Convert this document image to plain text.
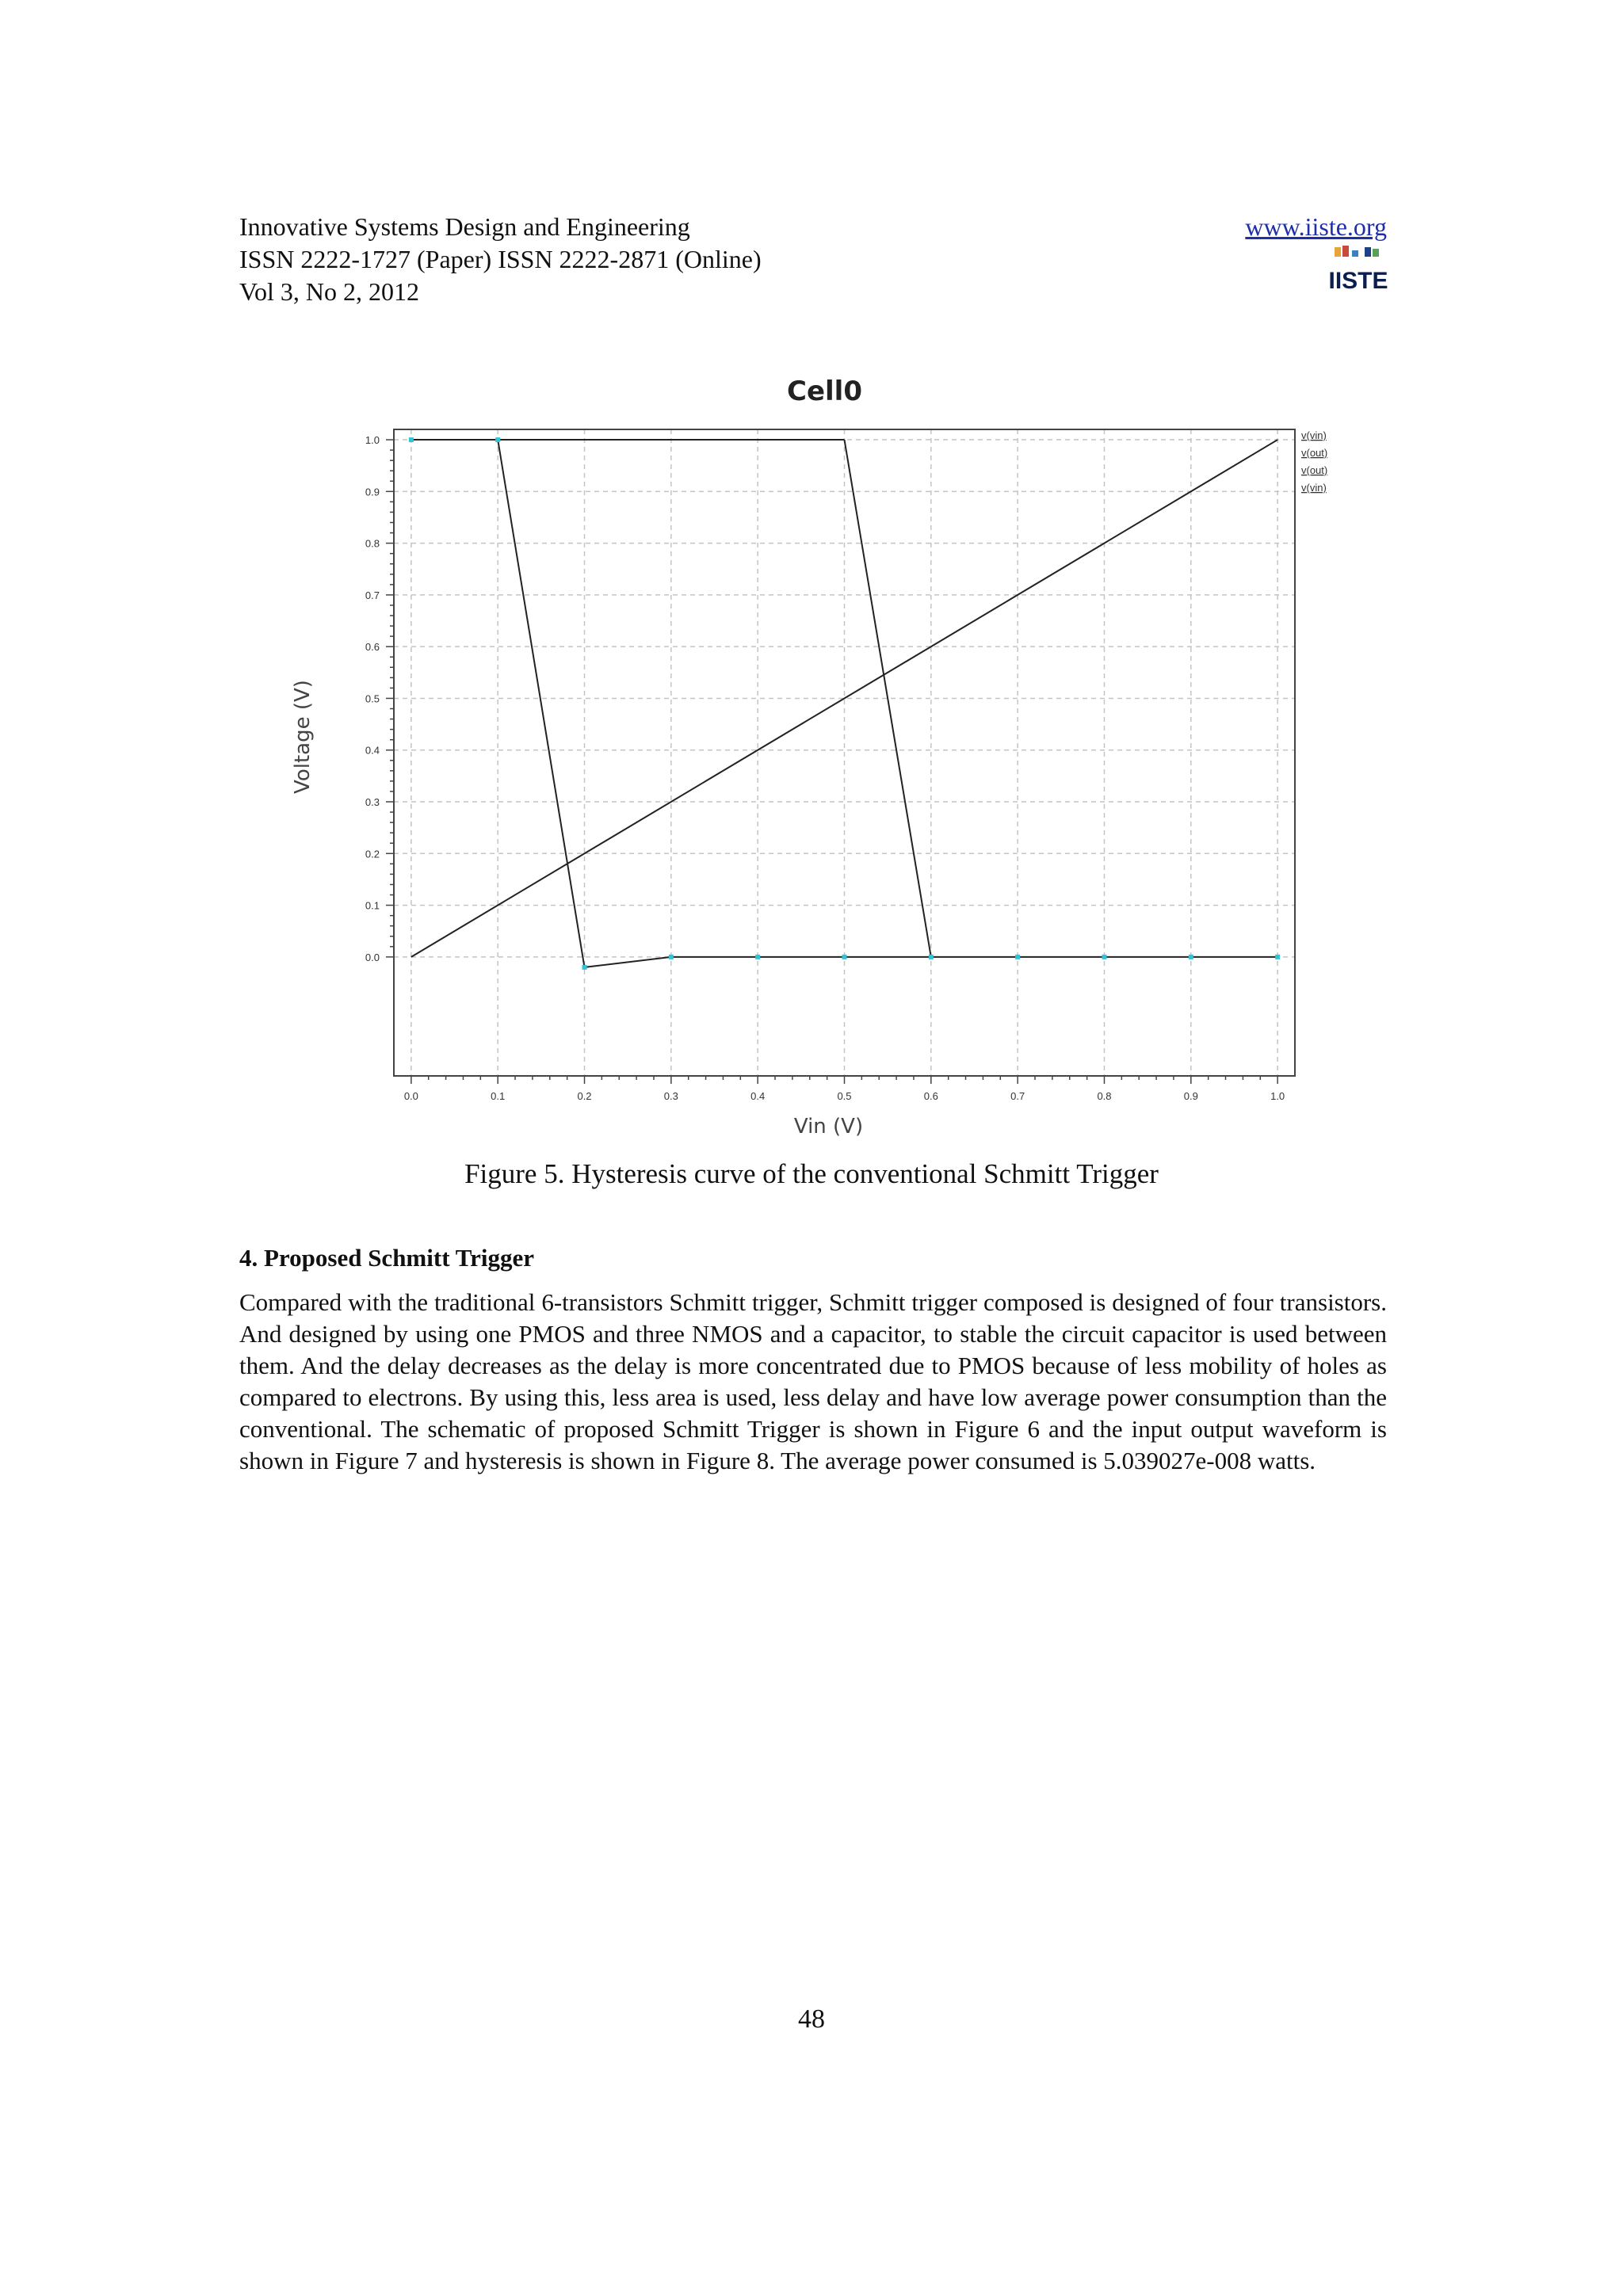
Innovative Systems Design and Engineering
ISSN 2222-1727 (Paper) ISSN 2222-2871 (Online)
Vol 3, No 2, 2012
www.iiste.org
IISTE
0.0	0.1	0.2	0.3	0.4	0.5	0.6	0.7	0.8	0.9	1.0
0.0
0.1
0.2
0.3
0.4
0.5
0.6
0.7
0.8
0.9
1.0
Cell0
Vin (V)
Voltage (V)
v(vin)
v(out)
v(out)
v(vin)
Figure 5. Hysteresis curve of the conventional Schmitt Trigger
4. Proposed Schmitt Trigger
Compared with the traditional 6-transistors Schmitt trigger, Schmitt trigger composed is designed of four transistors. And designed by using one PMOS and three NMOS and a capacitor, to stable the circuit capacitor is used between them. And the delay decreases as the delay is more concentrated due to PMOS because of less mobility of holes as compared to electrons. By using this, less area is used, less delay and have low average power consumption than the conventional. The schematic of proposed Schmitt Trigger is shown in Figure 6 and the input output waveform is shown in Figure 7 and hysteresis is shown in Figure 8. The average power consumed is 5.039027e-008 watts.
48
